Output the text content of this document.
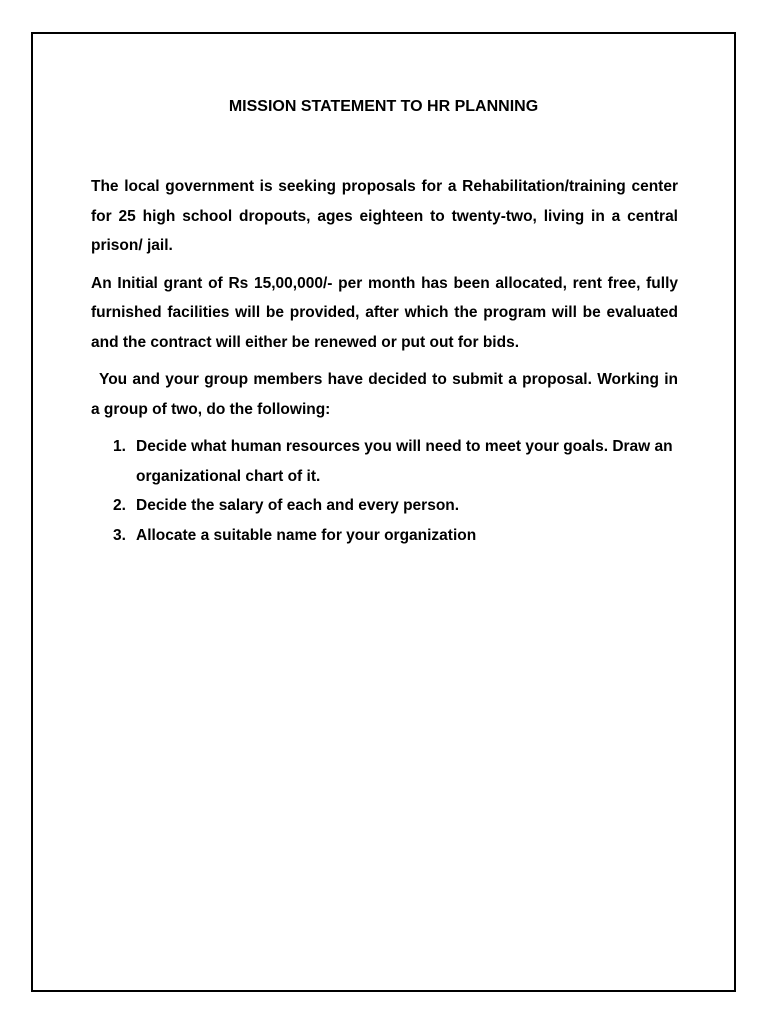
MISSION STATEMENT TO HR PLANNING

The local government is seeking proposals for a Rehabilitation/training center for 25 high school dropouts, ages eighteen to twenty-two, living in a central prison/ jail.

An Initial grant of Rs 15,00,000/- per month has been allocated, rent free, fully furnished facilities will be provided, after which the program will be evaluated and the contract will either be renewed or put out for bids.

You and your group members have decided to submit a proposal. Working in a group of two, do the following:

1. Decide what human resources you will need to meet your goals. Draw an organizational chart of it.
2. Decide the salary of each and every person.
3. Allocate a suitable name for your organization
